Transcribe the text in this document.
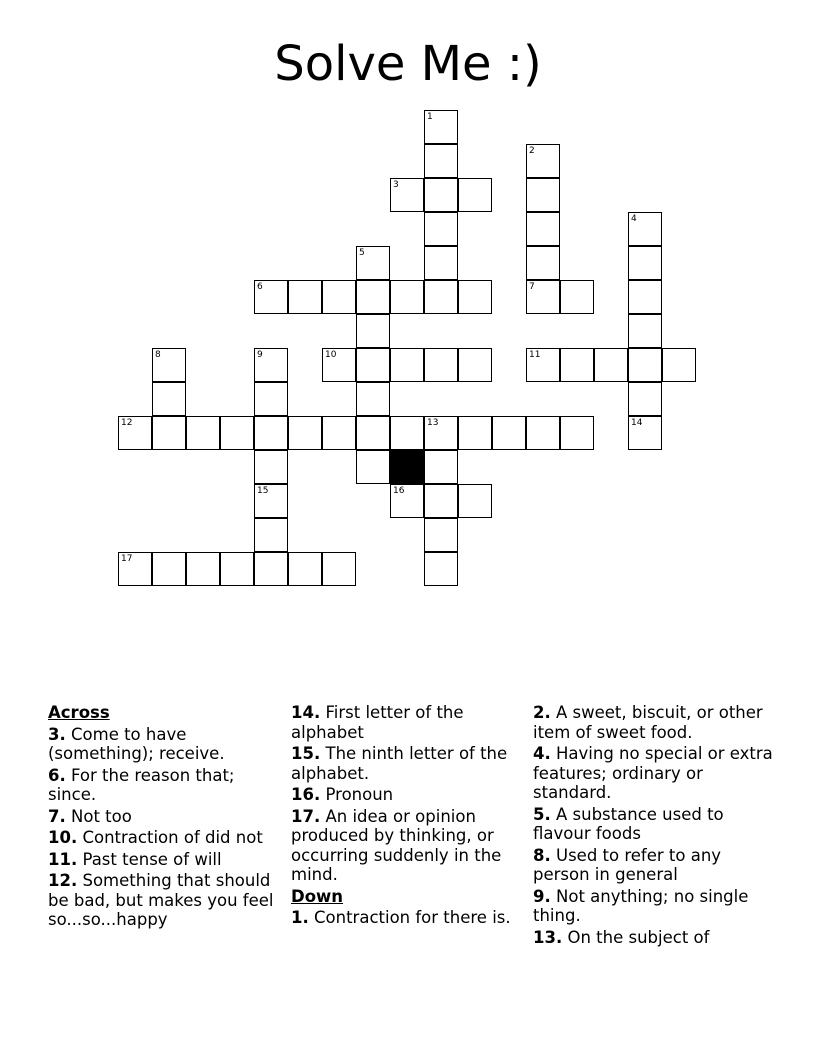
Solve Me :)
1
2
3
4
5
6	7
8	9	10	11
12	13	14
15	16
17
Across
3. Come to have (something); receive.
6. For the reason that; since.
7. Not too
10. Contraction of did not
11. Past tense of will
12. Something that should be bad, but makes you feel so...so...happy
14. First letter of the alphabet
15. The ninth letter of the alphabet.
16. Pronoun
17. An idea or opinion produced by thinking, or occurring suddenly in the mind.
Down
1. Contraction for there is.
2. A sweet, biscuit, or other item of sweet food.
4. Having no special or extra features; ordinary or standard.
5. A substance used to flavour foods
8. Used to refer to any person in general
9. Not anything; no single thing.
13. On the subject of
